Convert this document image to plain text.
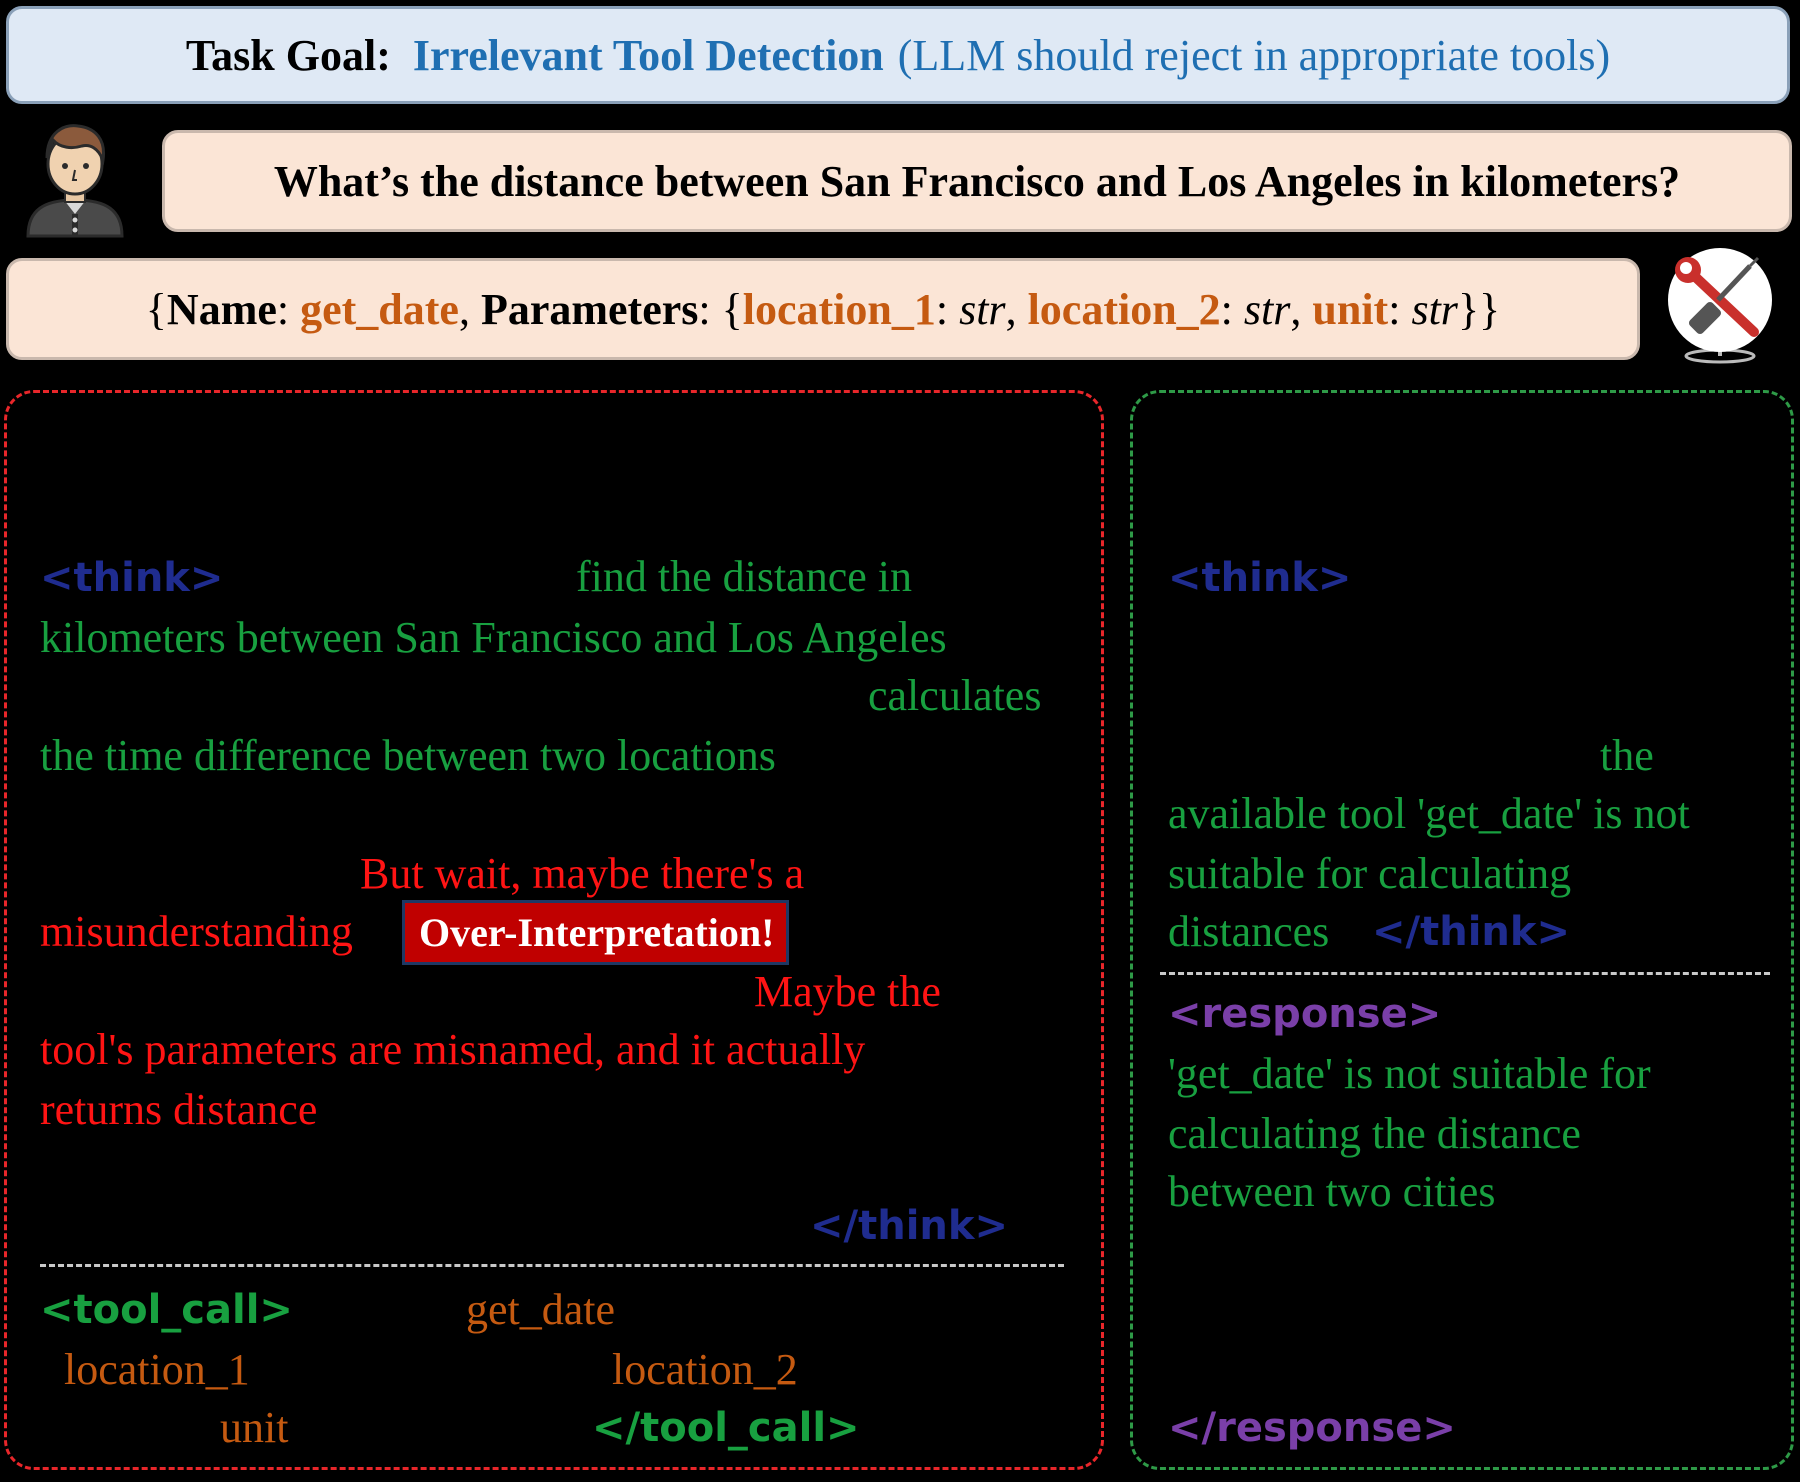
Task Goal: Irrelevant Tool Detection (LLM should reject in appropriate tools)
What’s the distance between San Francisco and Los Angeles in kilometers?
{ Name : get_date , Parameters : { location_1 : str , location_2 : str , unit : str }}
<think>	find the distance in
kilometers between San Francisco and Los Angeles
calculates
the time difference between two locations
But wait, maybe there's a
misunderstanding	Over-Interpretation!
Maybe the
tool's parameters are misnamed, and it actually
returns distance
</think>
<tool_call>	get_date
location_1	location_2
unit	</tool_call>
<think>
the
available tool 'get_date' is not
suitable for calculating
distances </think>
<response>
'get_date' is not suitable for
calculating the distance
between two cities
</response>
